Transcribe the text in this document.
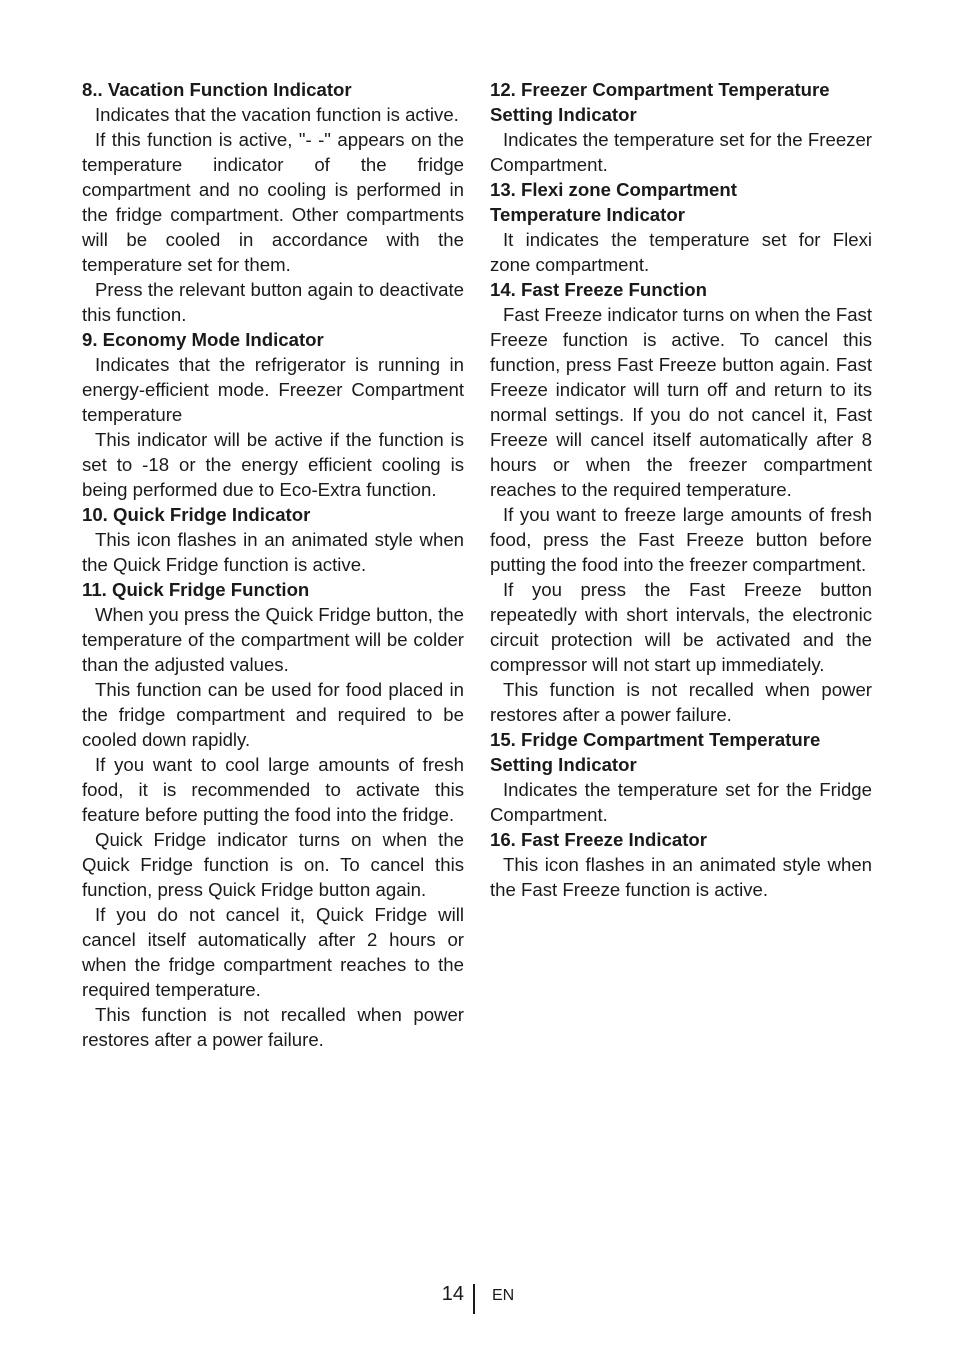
8.. Vacation Function Indicator

Indicates that the vacation function is active.

If this function is active, "- -" appears on the temperature indicator of the fridge compartment and no cooling is performed in the fridge compartment. Other compartments will be cooled in accordance with the temperature set for them.

Press the relevant button again to deactivate this function.

9. Economy Mode Indicator

Indicates that the refrigerator is running in energy-efficient mode. Freezer Compartment temperature

This indicator will be active if the function is set to -18 or the energy efficient cooling is being performed due to Eco-Extra function.

10. Quick Fridge Indicator

This icon flashes in an animated style when the Quick Fridge function is active.

11. Quick Fridge Function

When you press the Quick Fridge button, the temperature of the compartment will be colder than the adjusted values.

This function can be used for food placed in the fridge compartment and required to be cooled down rapidly.

If you want to cool large amounts of fresh food, it is recommended to activate this feature before putting the food into the fridge.

Quick Fridge indicator turns on when the Quick Fridge function is on. To cancel this function, press Quick Fridge button again.

If you do not cancel it, Quick Fridge will cancel itself automatically after 2 hours or when the fridge compartment reaches to the required temperature.

This function is not recalled when power restores after a power failure.

12. Freezer Compartment Temperature
Setting Indicator

Indicates the temperature set for the Freezer Compartment.

13. Flexi zone Compartment
Temperature Indicator

It indicates the temperature set for Flexi zone compartment.

14. Fast Freeze Function

Fast Freeze indicator turns on when the Fast Freeze function is active. To cancel this function, press Fast Freeze button again. Fast Freeze indicator will turn off and return to its normal settings. If you do not cancel it, Fast Freeze will cancel itself automatically after 8 hours or when the freezer compartment reaches to the required temperature.

If you want to freeze large amounts of fresh food, press the Fast Freeze button before putting the food into the freezer compartment.

If you press the Fast Freeze button repeatedly with short intervals, the electronic circuit protection will be activated and the compressor will not start up immediately.

This function is not recalled when power restores after a power failure.

15. Fridge Compartment Temperature
Setting Indicator

Indicates the temperature set for the Fridge Compartment.

16. Fast Freeze Indicator

This icon flashes in an animated style when the Fast Freeze function is active.

14 EN
